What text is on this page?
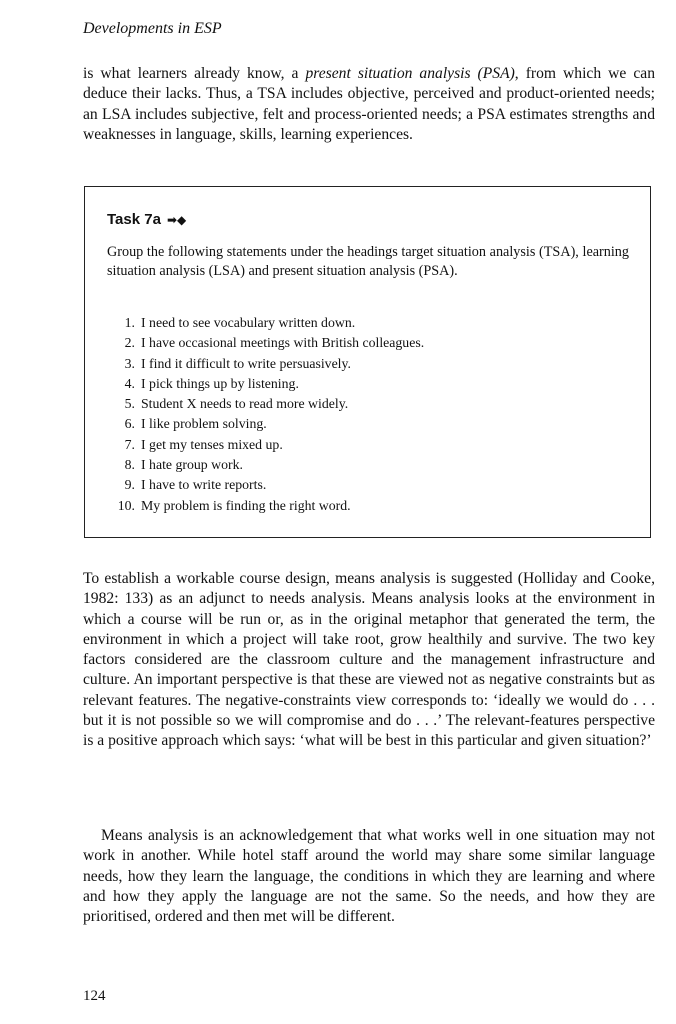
Developments in ESP

is what learners already know, a present situation analysis (PSA), from which we can deduce their lacks. Thus, a TSA includes objective, perceived and product-oriented needs; an LSA includes subjective, felt and process-oriented needs; a PSA estimates strengths and weaknesses in language, skills, learning experiences.

Task 7a ➡◆
Group the following statements under the headings target situation analysis (TSA), learning situation analysis (LSA) and present situation analysis (PSA).
1. I need to see vocabulary written down.
2. I have occasional meetings with British colleagues.
3. I find it difficult to write persuasively.
4. I pick things up by listening.
5. Student X needs to read more widely.
6. I like problem solving.
7. I get my tenses mixed up.
8. I hate group work.
9. I have to write reports.
10. My problem is finding the right word.

To establish a workable course design, means analysis is suggested (Holliday and Cooke, 1982: 133) as an adjunct to needs analysis. Means analysis looks at the environment in which a course will be run or, as in the original metaphor that generated the term, the environment in which a project will take root, grow healthily and survive. The two key factors considered are the classroom culture and the management infrastructure and culture. An important perspective is that these are viewed not as negative constraints but as relevant features. The negative-constraints view corresponds to: ‘ideally we would do . . . but it is not possible so we will compromise and do . . .’ The relevant-features perspective is a positive approach which says: ‘what will be best in this particular and given situation?’

Means analysis is an acknowledgement that what works well in one situation may not work in another. While hotel staff around the world may share some similar language needs, how they learn the language, the conditions in which they are learning and where and how they apply the language are not the same. So the needs, and how they are prioritised, ordered and then met will be different.

124
